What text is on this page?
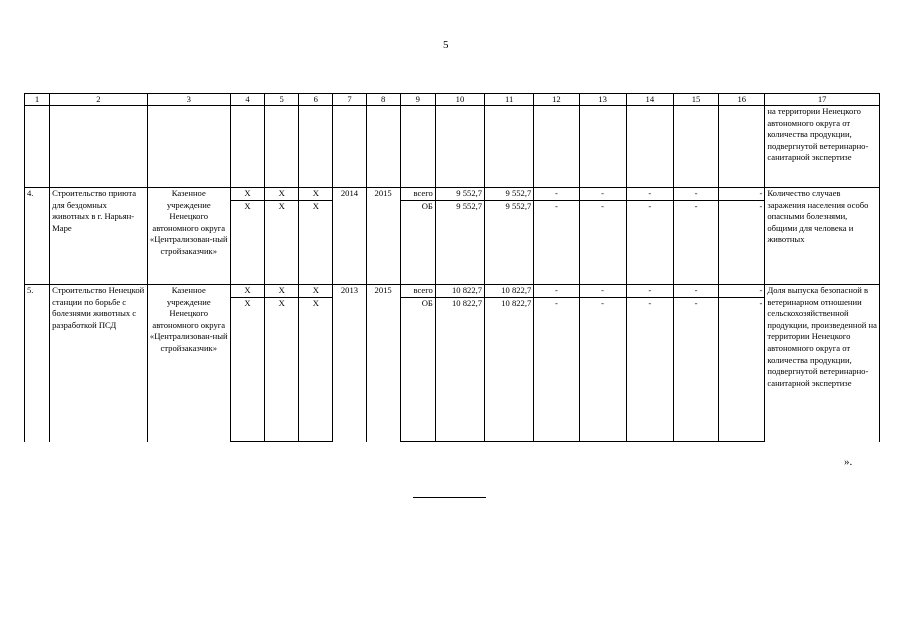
5
1	2	3	4	5	6	7	8	9	10	11	12	13	14	15	16	17
																на территории Ненецкого автономного округа от количества продукции, подвергнутой ветеринарно-санитарной экспертизе
4.	Строительство приюта для бездомных животных в г. Нарьян-Маре	Казенное учреждение Ненецкого автономного округа «Централизован-ный стройзаказчик»	Х	Х	Х	2014	2015	всего	9 552,7	9 552,7	-	-	-	-	-	Количество случаев заражения населения особо опасными болезнями, общими для человека и животных
			Х	Х	Х			ОБ	9 552,7	9 552,7	-	-	-	-	-	
5.	Строительство Ненецкой станции по борьбе с болезнями животных с разработкой ПСД	Казенное учреждение Ненецкого автономного округа «Централизован-ный стройзаказчик»	Х	Х	Х	2013	2015	всего	10 822,7	10 822,7	-	-	-	-	-	Доля выпуска безопасной в ветеринарном отношении сельскохозяйственной продукции, произведенной на территории Ненецкого автономного округа от количества продукции, подвергнутой ветеринарно-санитарной экспертизе
			Х	Х	Х			ОБ	10 822,7	10 822,7	-	-	-	-	-	
».
